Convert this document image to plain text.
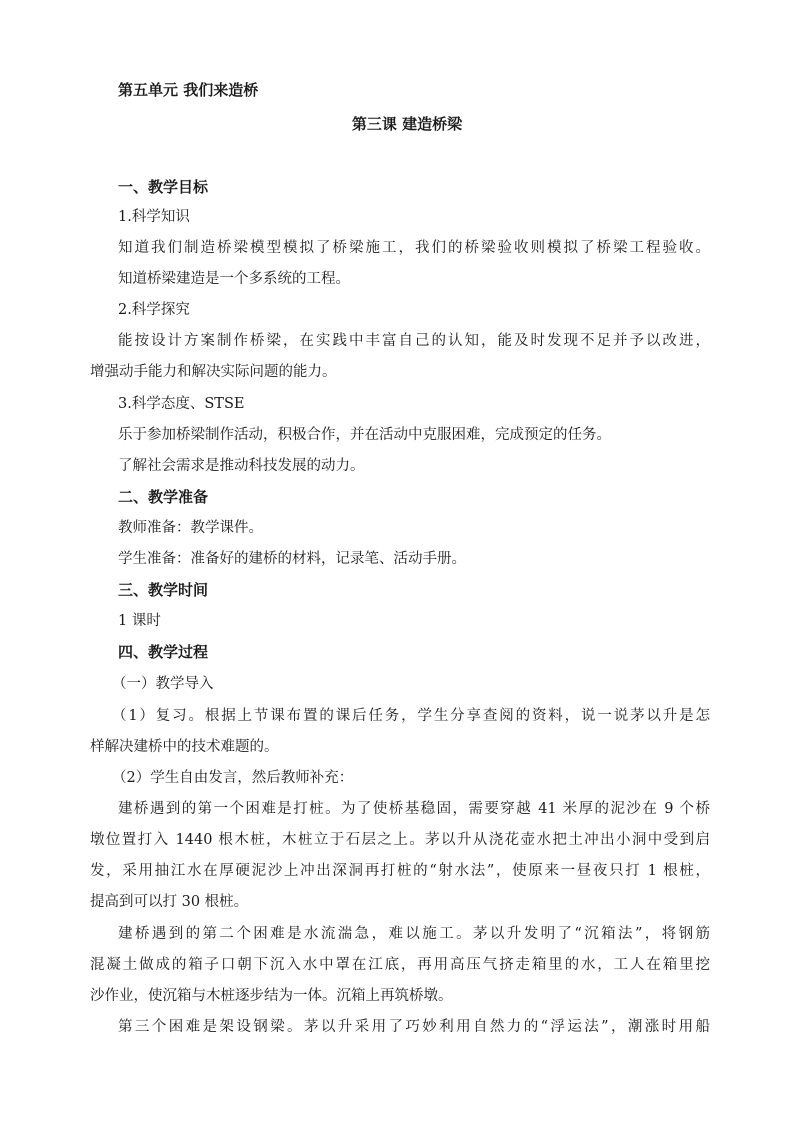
第五单元 我们来造桥
第三课 建造桥梁
一、教学目标
1.科学知识
知道我们制造桥梁模型模拟了桥梁施工，我们的桥梁验收则模拟了桥梁工程验收。
知道桥梁建造是一个多系统的工程。
2.科学探究
能按设计方案制作桥梁，在实践中丰富自己的认知，能及时发现不足并予以改进，
增强动手能力和解决实际问题的能力。
3.科学态度、STSE
乐于参加桥梁制作活动，积极合作，并在活动中克服困难，完成预定的任务。
了解社会需求是推动科技发展的动力。
二、教学准备
教师准备：教学课件。
学生准备：准备好的建桥的材料，记录笔、活动手册。
三、教学时间
1 课时
四、教学过程
（一）教学导入
（1）复习。根据上节课布置的课后任务，学生分享查阅的资料，说一说茅以升是怎
样解决建桥中的技术难题的。
（2）学生自由发言，然后教师补充：
建桥遇到的第一个困难是打桩。为了使桥基稳固，需要穿越 41 米厚的泥沙在 9 个桥
墩位置打入 1440 根木桩，木桩立于石层之上。茅以升从浇花壶水把土冲出小洞中受到启
发，采用抽江水在厚硬泥沙上冲出深洞再打桩的“射水法”，使原来一昼夜只打 1 根桩，
提高到可以打 30 根桩。
建桥遇到的第二个困难是水流湍急，难以施工。茅以升发明了“沉箱法”，将钢筋
混凝土做成的箱子口朝下沉入水中罩在江底，再用高压气挤走箱里的水，工人在箱里挖
沙作业，使沉箱与木桩逐步结为一体。沉箱上再筑桥墩。
第三个困难是架设钢梁。茅以升采用了巧妙利用自然力的“浮运法”，潮涨时用船
